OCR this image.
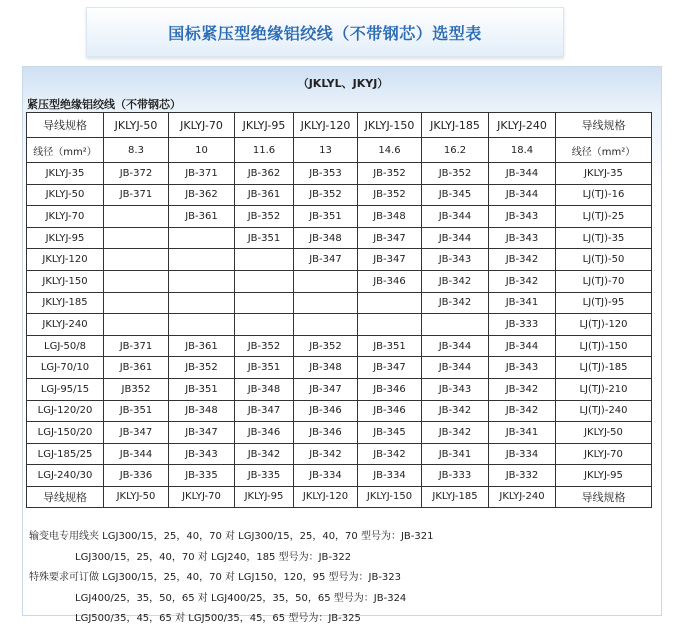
国标紧压型绝缘铝绞线（不带钢芯）选型表
（JKLYL、JKYJ）
紧压型绝缘铝绞线（不带钢芯）
导线规格	JKLYJ-50	JKLYJ-70	JKLYJ-95	JKLYJ-120	JKLYJ-150	JKLYJ-185	JKLYJ-240	导线规格
线径（mm²）	8.3	10	11.6	13	14.6	16.2	18.4	线径（mm²）
JKLYJ-35	JB-372	JB-371	JB-362	JB-353	JB-352	JB-352	JB-344	JKLYJ-35
JKLYJ-50	JB-371	JB-362	JB-361	JB-352	JB-352	JB-345	JB-344	LJ(TJ)-16
JKLYJ-70		JB-361	JB-352	JB-351	JB-348	JB-344	JB-343	LJ(TJ)-25
JKLYJ-95			JB-351	JB-348	JB-347	JB-344	JB-343	LJ(TJ)-35
JKLYJ-120				JB-347	JB-347	JB-343	JB-342	LJ(TJ)-50
JKLYJ-150					JB-346	JB-342	JB-342	LJ(TJ)-70
JKLYJ-185						JB-342	JB-341	LJ(TJ)-95
JKLYJ-240							JB-333	LJ(TJ)-120
LGJ-50/8	JB-371	JB-361	JB-352	JB-352	JB-351	JB-344	JB-344	LJ(TJ)-150
LGJ-70/10	JB-361	JB-352	JB-351	JB-348	JB-347	JB-344	JB-343	LJ(TJ)-185
LGJ-95/15	JB352	JB-351	JB-348	JB-347	JB-346	JB-343	JB-342	LJ(TJ)-210
LGJ-120/20	JB-351	JB-348	JB-347	JB-346	JB-346	JB-342	JB-342	LJ(TJ)-240
LGJ-150/20	JB-347	JB-347	JB-346	JB-346	JB-345	JB-342	JB-341	JKLYJ-50
LGJ-185/25	JB-344	JB-343	JB-342	JB-342	JB-342	JB-341	JB-334	JKLYJ-70
LGJ-240/30	JB-336	JB-335	JB-335	JB-334	JB-334	JB-333	JB-332	JKLYJ-95
导线规格	JKLYJ-50	JKLYJ-70	JKLYJ-95	JKLYJ-120	JKLYJ-150	JKLYJ-185	JKLYJ-240	导线规格
输变电专用线夹 LGJ300/15，25，40，70 对 LGJ300/15，25，40，70 型号为：JB-321
LGJ300/15，25，40，70 对 LGJ240，185 型号为：JB-322
特殊要求可订做 LGJ300/15，25，40，70 对 LGJ150，120，95 型号为：JB-323
LGJ400/25，35，50，65 对 LGJ400/25，35，50，65 型号为：JB-324
LGJ500/35，45，65 对 LGJ500/35，45，65 型号为：JB-325
